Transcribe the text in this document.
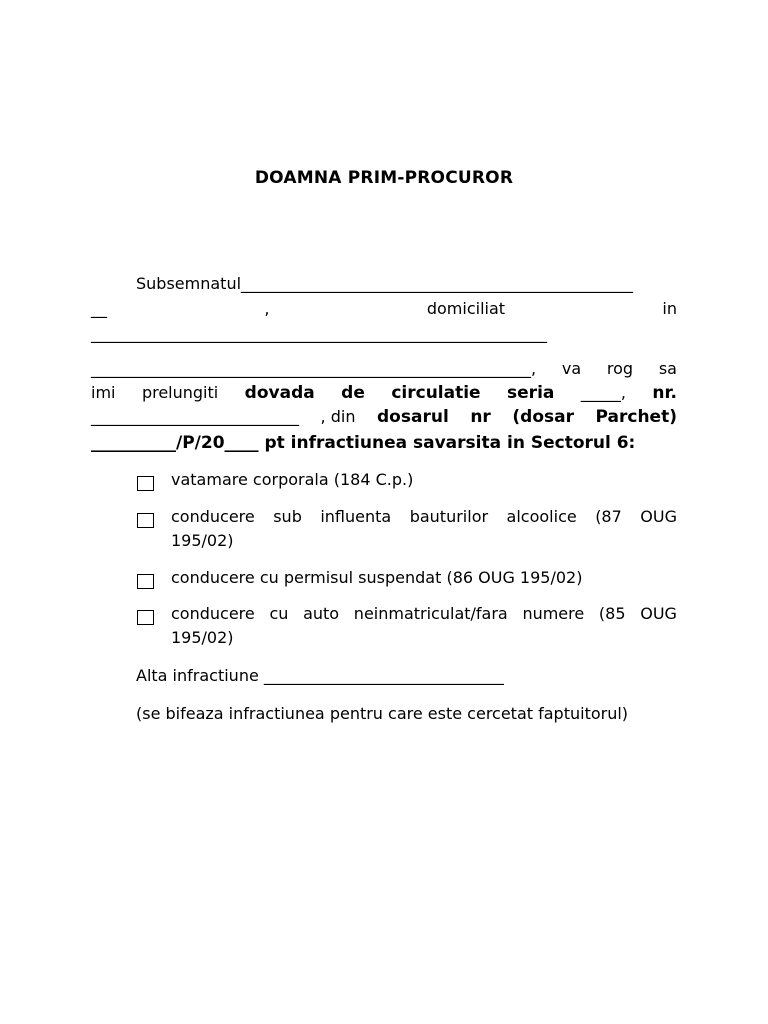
DOAMNA PRIM-PROCUROR
Subsemnatul_________________________________________________
__	,	domiciliat	in
_________________________________________________________
_______________________________________________________, va rog sa
imi prelungiti dovada de circulatie seria _____, nr.
__________________________ , din dosarul nr (dosar Parchet)
__________/P/20____ pt infractiunea savarsita in Sectorul 6:
vatamare corporala (184 C.p.)
conducere sub influenta bauturilor alcoolice (87 OUG
195/02)
conducere cu permisul suspendat (86 OUG 195/02)
conducere cu auto neinmatriculat/fara numere (85 OUG
195/02)
Alta infractiune ______________________________
(se bifeaza infractiunea pentru care este cercetat faptuitorul)
